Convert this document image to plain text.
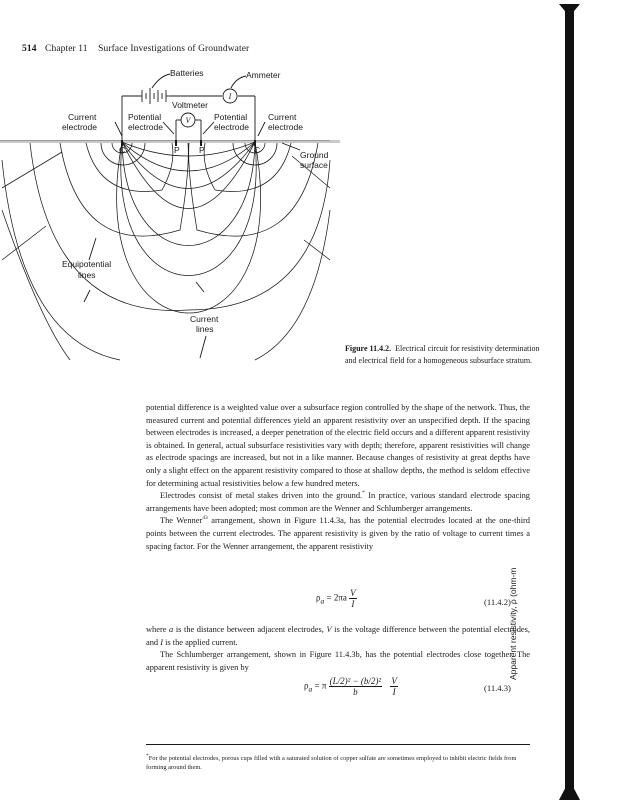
514 Chapter 11 Surface Investigations of Groundwater
I
V
Batteries	Ammeter
Voltmeter
Current
electrode
Potential
electrode
Potential
electrode
Current
electrode
C	P P	C	Ground
surface
Equipotential
lines
Current
lines
Figure 11.4.2. Electrical circuit for resistivity determination and electrical field for a homogeneous subsurface stratum.

potential difference is a weighted value over a subsurface region controlled by the shape of the network. Thus, the measured current and potential differences yield an apparent resistivity over an unspecified depth. If the spacing between electrodes is increased, a deeper penetration of the electric field occurs and a different apparent resistivity is obtained. In general, actual subsurface resistivities vary with depth; therefore, apparent resistivities will change as electrode spacings are increased, but not in a like manner. Because changes of resistivity at great depths have only a slight effect on the apparent resistivity compared to those at shallow depths, the method is seldom effective for determining actual resistivities below a few hundred meters.

Electrodes consist of metal stakes driven into the ground.* In practice, various standard electrode spacing arrangements have been adopted; most common are the Wenner and Schlumberger arrangements.

The Wenner$^{43}$ arrangement, shown in Figure 11.4.3a, has the potential electrodes located at the one-third points between the current electrodes. The apparent resistivity is given by the ratio of voltage to current times a spacing factor. For the Wenner arrangement, the apparent resistivity

$\rho_a = 2\pi a \frac{V}{I}$	(11.4.2)

where a is the distance between adjacent electrodes, V is the voltage difference between the potential electrodes, and I is the applied current.

The Schlumberger arrangement, shown in Figure 11.4.3b, has the potential electrodes close together. The apparent resistivity is given by

$\rho_a = \pi \frac{\text{(L/2)² − (b/2)²}}{b}$
$\frac{V}{I}$	(11.4.3)
*For the potential electrodes, porous cups filled with a saturated solution of copper sulfate are sometimes employed to inhibit electric fields from forming around them.
Apparent resistivity, ρ (ohm-m
